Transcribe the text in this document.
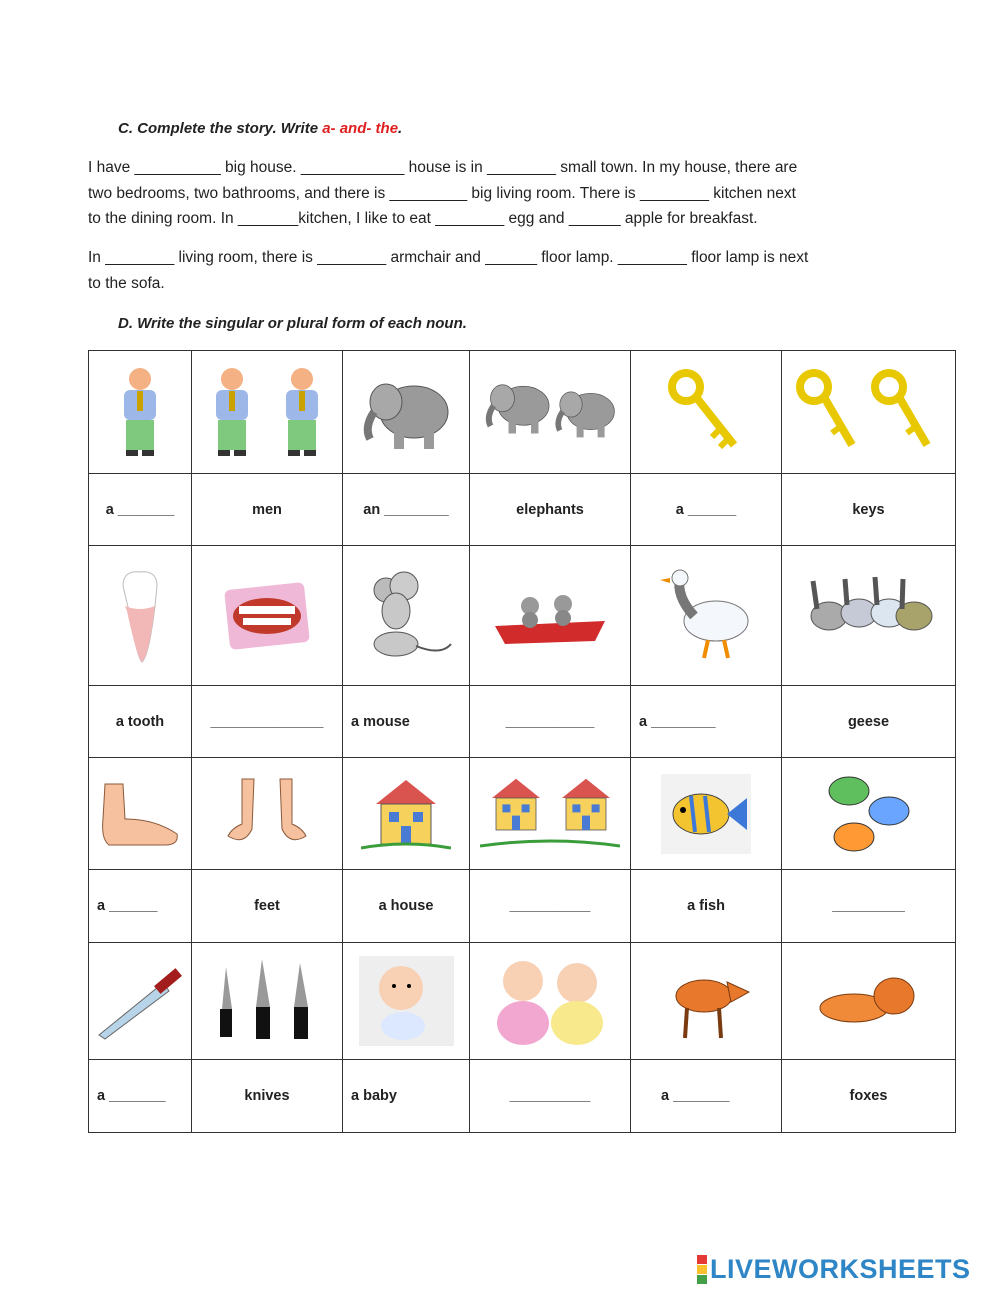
C. Complete the story. Write a- and- the.
I have __________ big house. ____________ house is in ________ small town. In my house, there are
two bedrooms, two bathrooms, and there is _________ big living room. There is ________ kitchen next
to the dining room. In _______kitchen, I like to eat ________ egg and ______ apple for breakfast.
In ________ living room, there is ________ armchair and ______ floor lamp. ________ floor lamp is next
to the sofa.
D. Write the singular or plural form of each noun.

a _______	men	an ________	elephants	a ______	keys

a tooth	______________	a mouse	___________	a ________	geese

a ______	feet	a house	__________	a fish	_________

a _______	knives	a baby	__________	a _______	foxes
LIVEWORKSHEETS
